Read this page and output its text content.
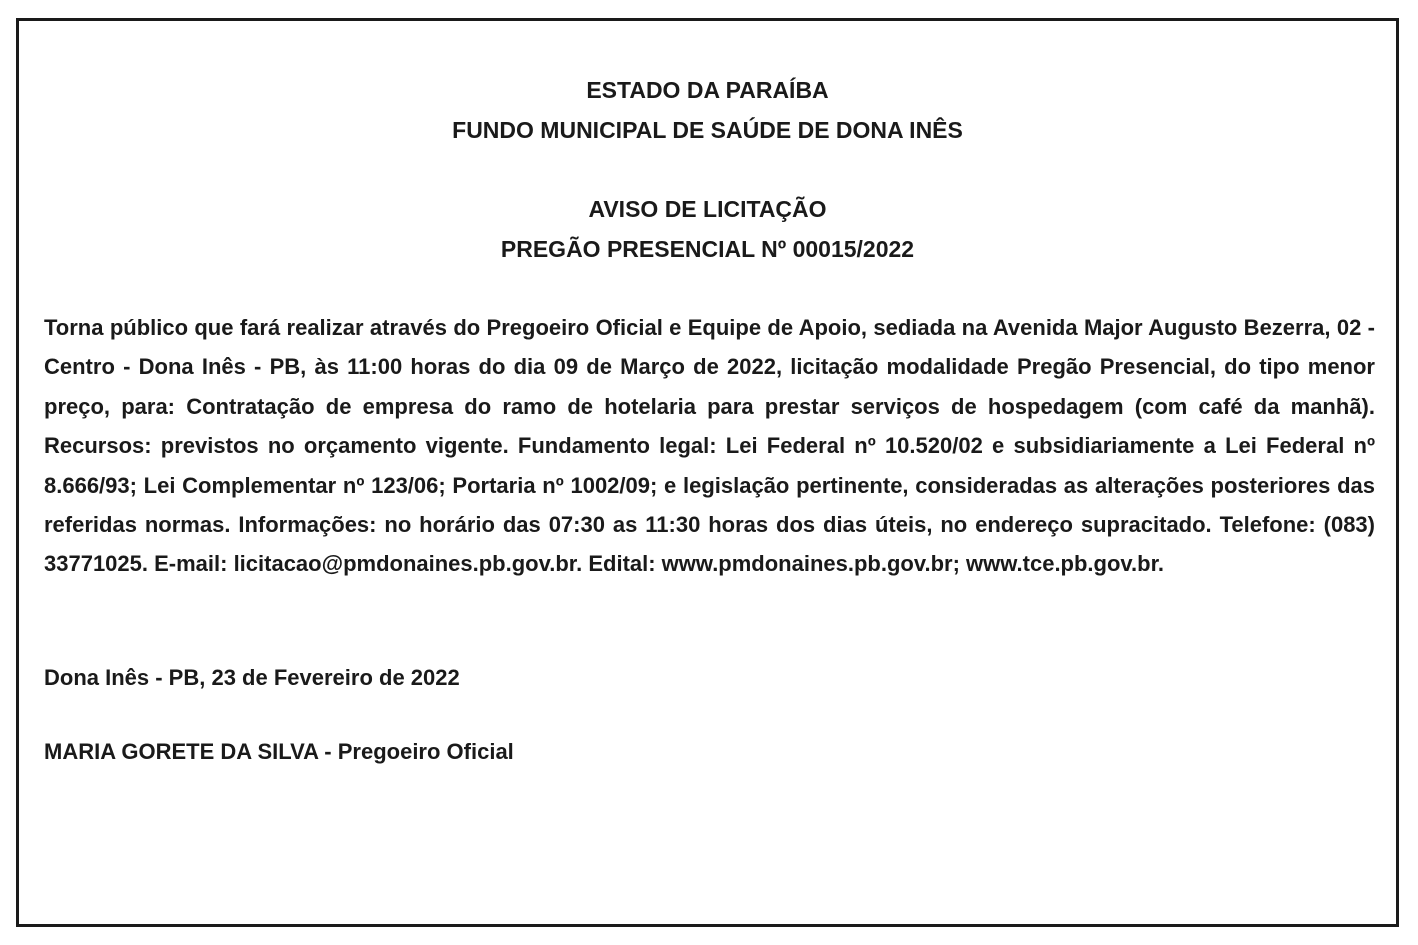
ESTADO DA PARAÍBA
FUNDO MUNICIPAL DE SAÚDE DE DONA INÊS
AVISO DE LICITAÇÃO
PREGÃO PRESENCIAL Nº 00015/2022
Torna público que fará realizar através do Pregoeiro Oficial e Equipe de Apoio, sediada na Avenida Major Augusto Bezerra, 02 - Centro - Dona Inês - PB, às 11:00 horas do dia 09 de Março de 2022, licitação modalidade Pregão Presencial, do tipo menor preço, para: Contratação de empresa do ramo de hotelaria para prestar serviços de hospedagem (com café da manhã). Recursos: previstos no orçamento vigente. Fundamento legal: Lei Federal nº 10.520/02 e subsidiariamente a Lei Federal nº 8.666/93; Lei Complementar nº 123/06; Portaria nº 1002/09; e legislação pertinente, consideradas as alterações posteriores das referidas normas. Informações: no horário das 07:30 as 11:30 horas dos dias úteis, no endereço supracitado. Telefone: (083) 33771025. E-mail: licitacao@pmdonaines.pb.gov.br. Edital: www.pmdonaines.pb.gov.br; www.tce.pb.gov.br.
Dona Inês - PB, 23 de Fevereiro de 2022
MARIA GORETE DA SILVA - Pregoeiro Oficial
